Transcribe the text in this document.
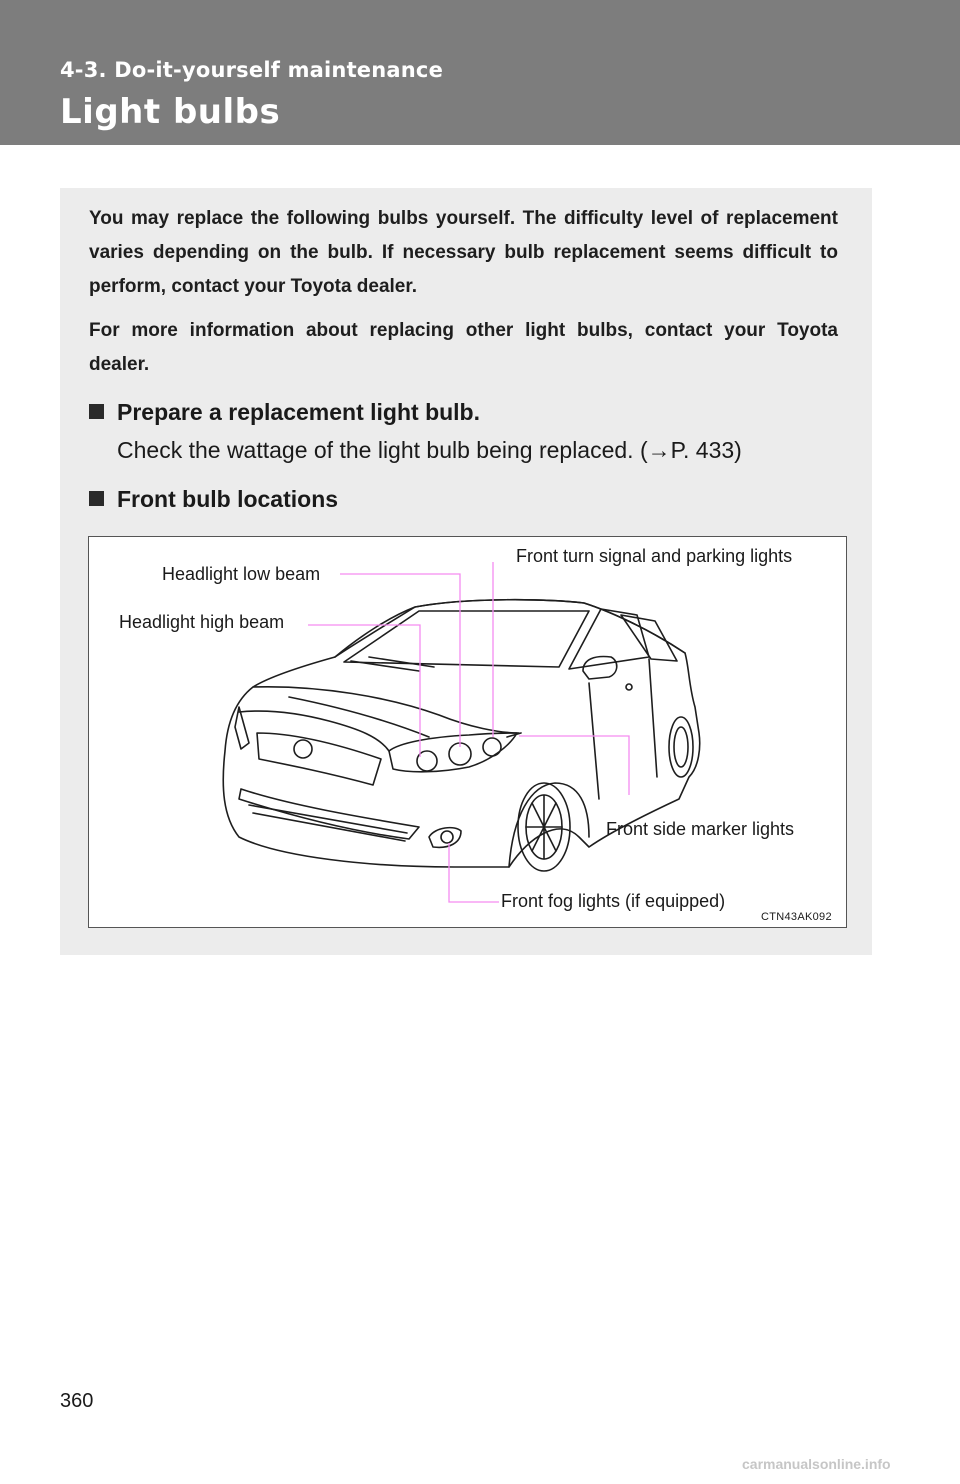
4-3. Do-it-yourself maintenance
Light bulbs

You may replace the following bulbs yourself. The difficulty level of replacement varies depending on the bulb. If necessary bulb replacement seems difficult to perform, contact your Toyota dealer.

For more information about replacing other light bulbs, contact your Toyota dealer.

Prepare a replacement light bulb.
Check the wattage of the light bulb being replaced. (→P. 433)
Front bulb locations
Front turn signal and parking lights
Headlight low beam
Headlight high beam
Front side marker lights
Front fog lights (if equipped)
CTN43AK092
360
carmanualsonline.info
